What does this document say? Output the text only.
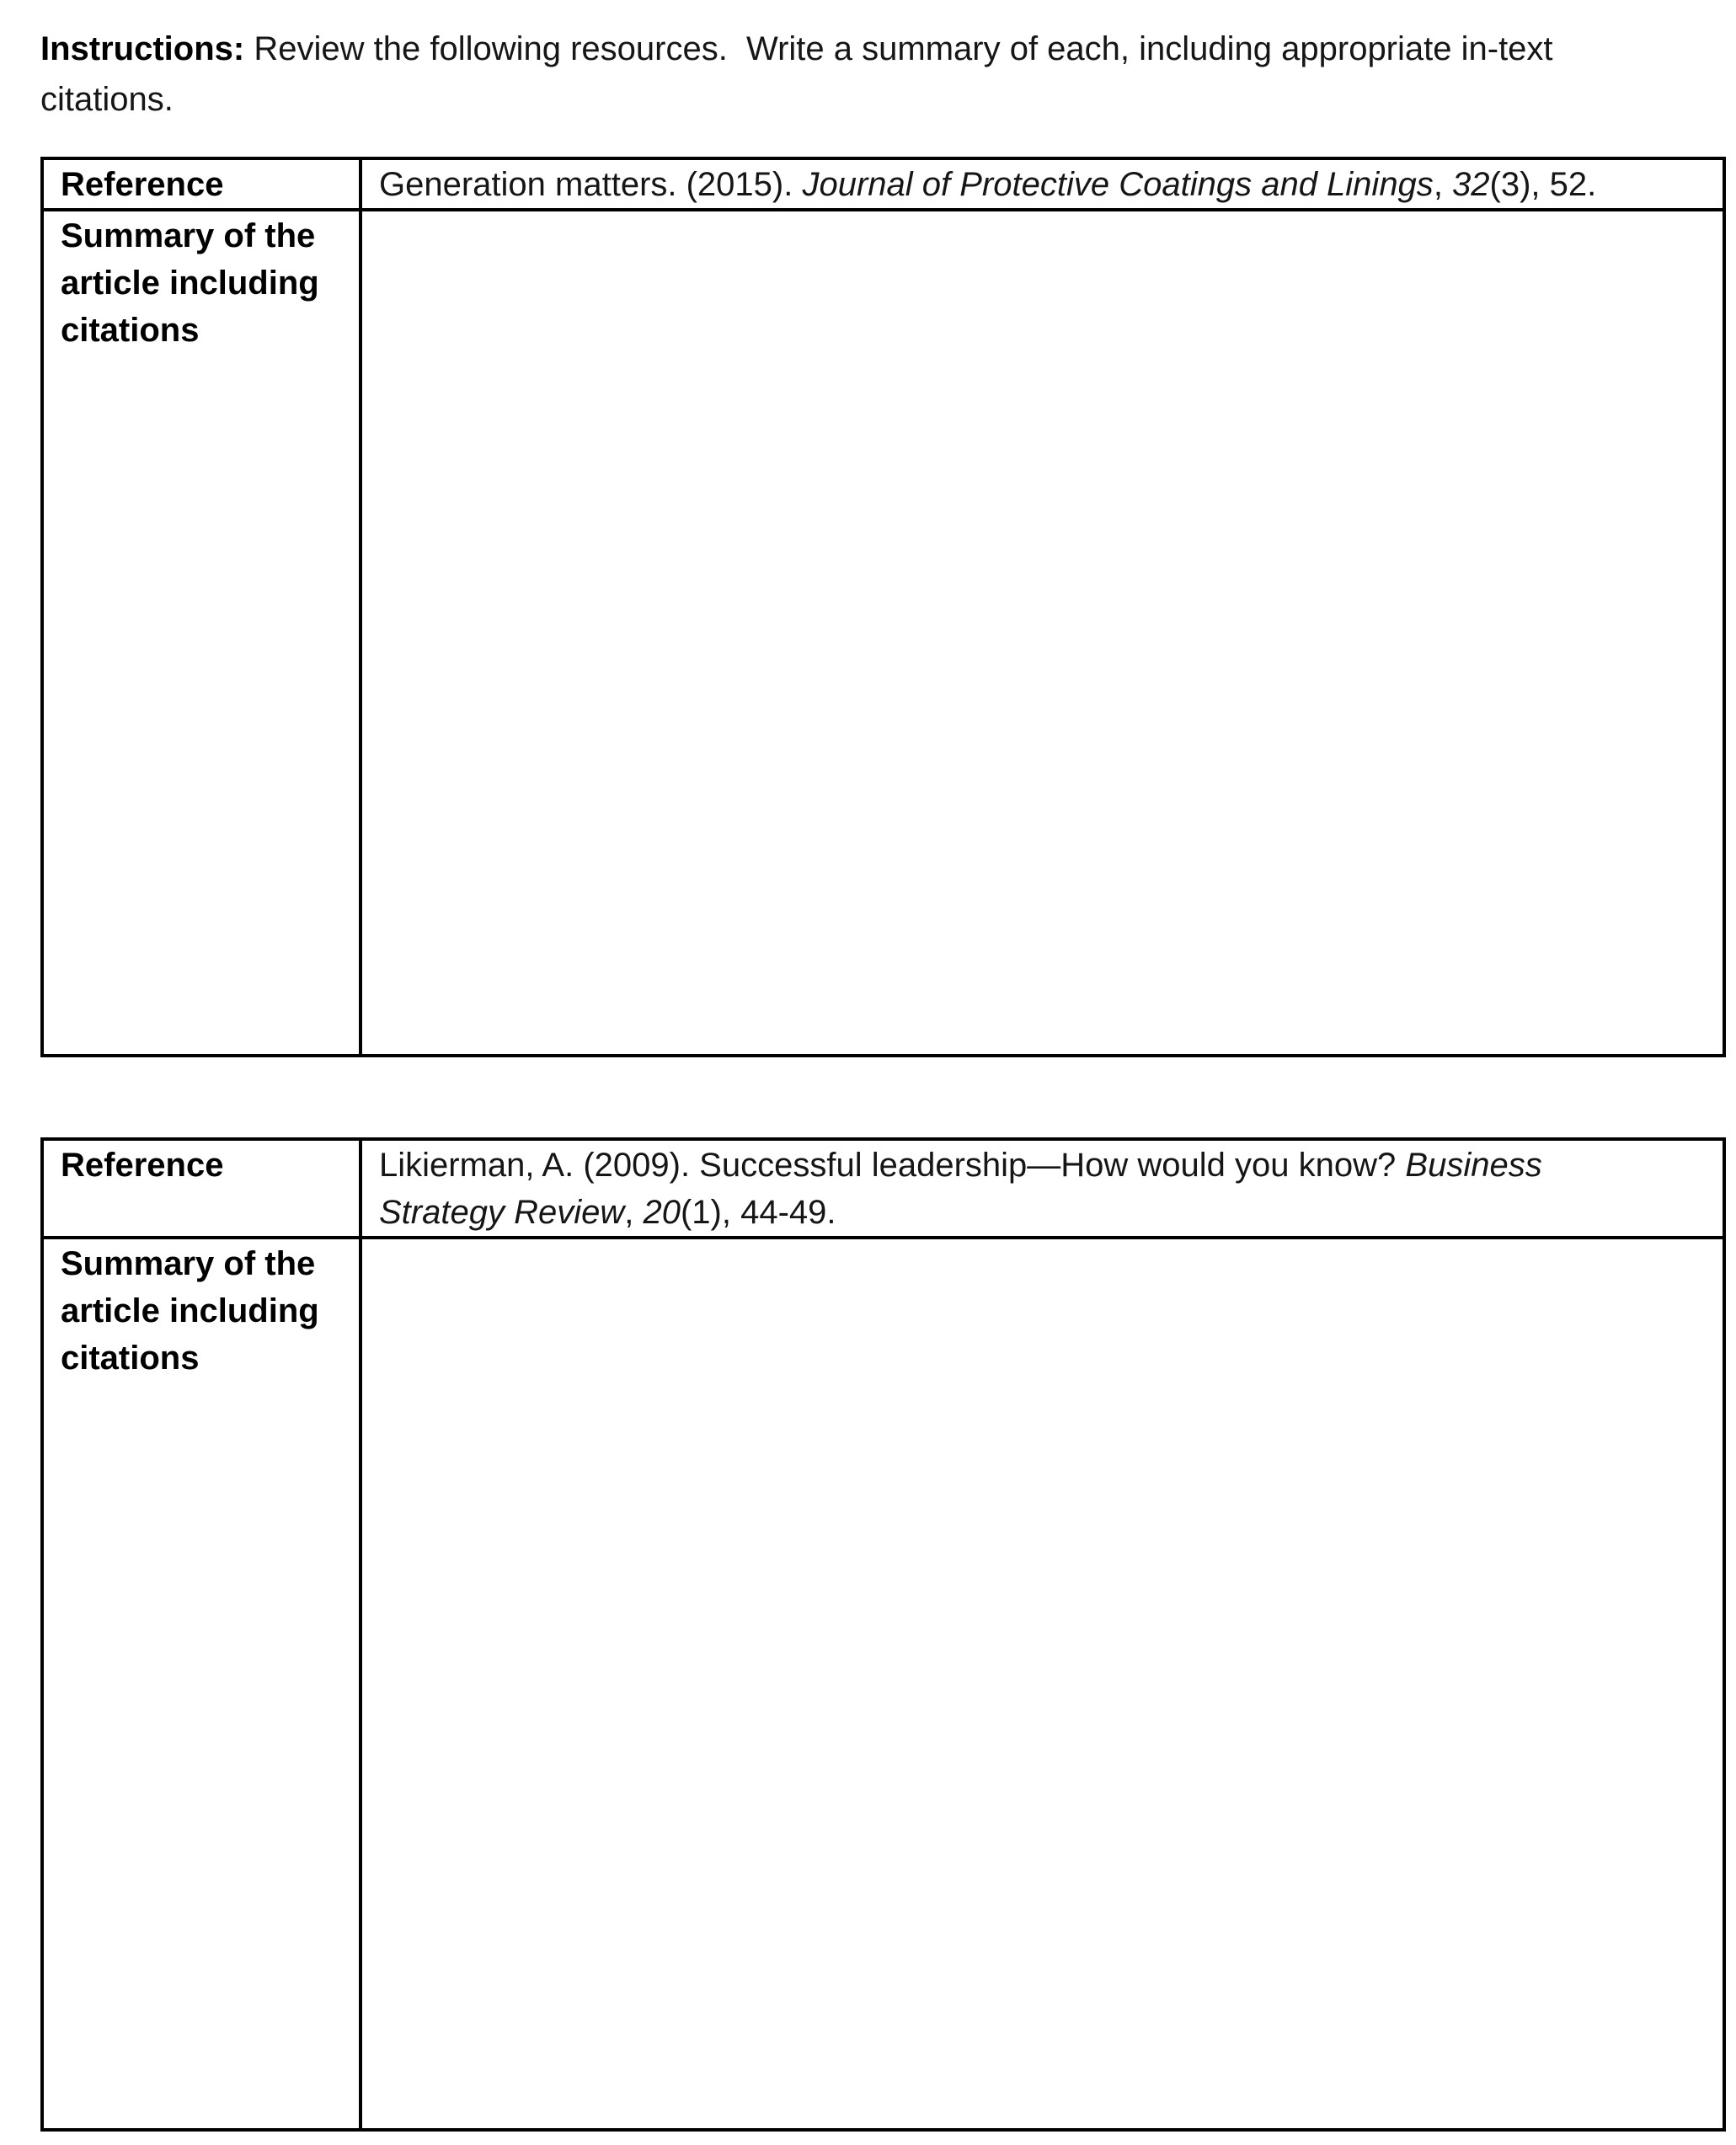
Instructions: Review the following resources.  Write a summary of each, including appropriate in-text
citations.

Reference	Generation matters. (2015). Journal of Protective Coatings and Linings, 32(3), 52.

Summary of the article including citations	
Reference	Likierman, A. (2009). Successful leadership—How would you know? Business
Strategy Review, 20(1), 44-49.

Summary of the article including citations	
